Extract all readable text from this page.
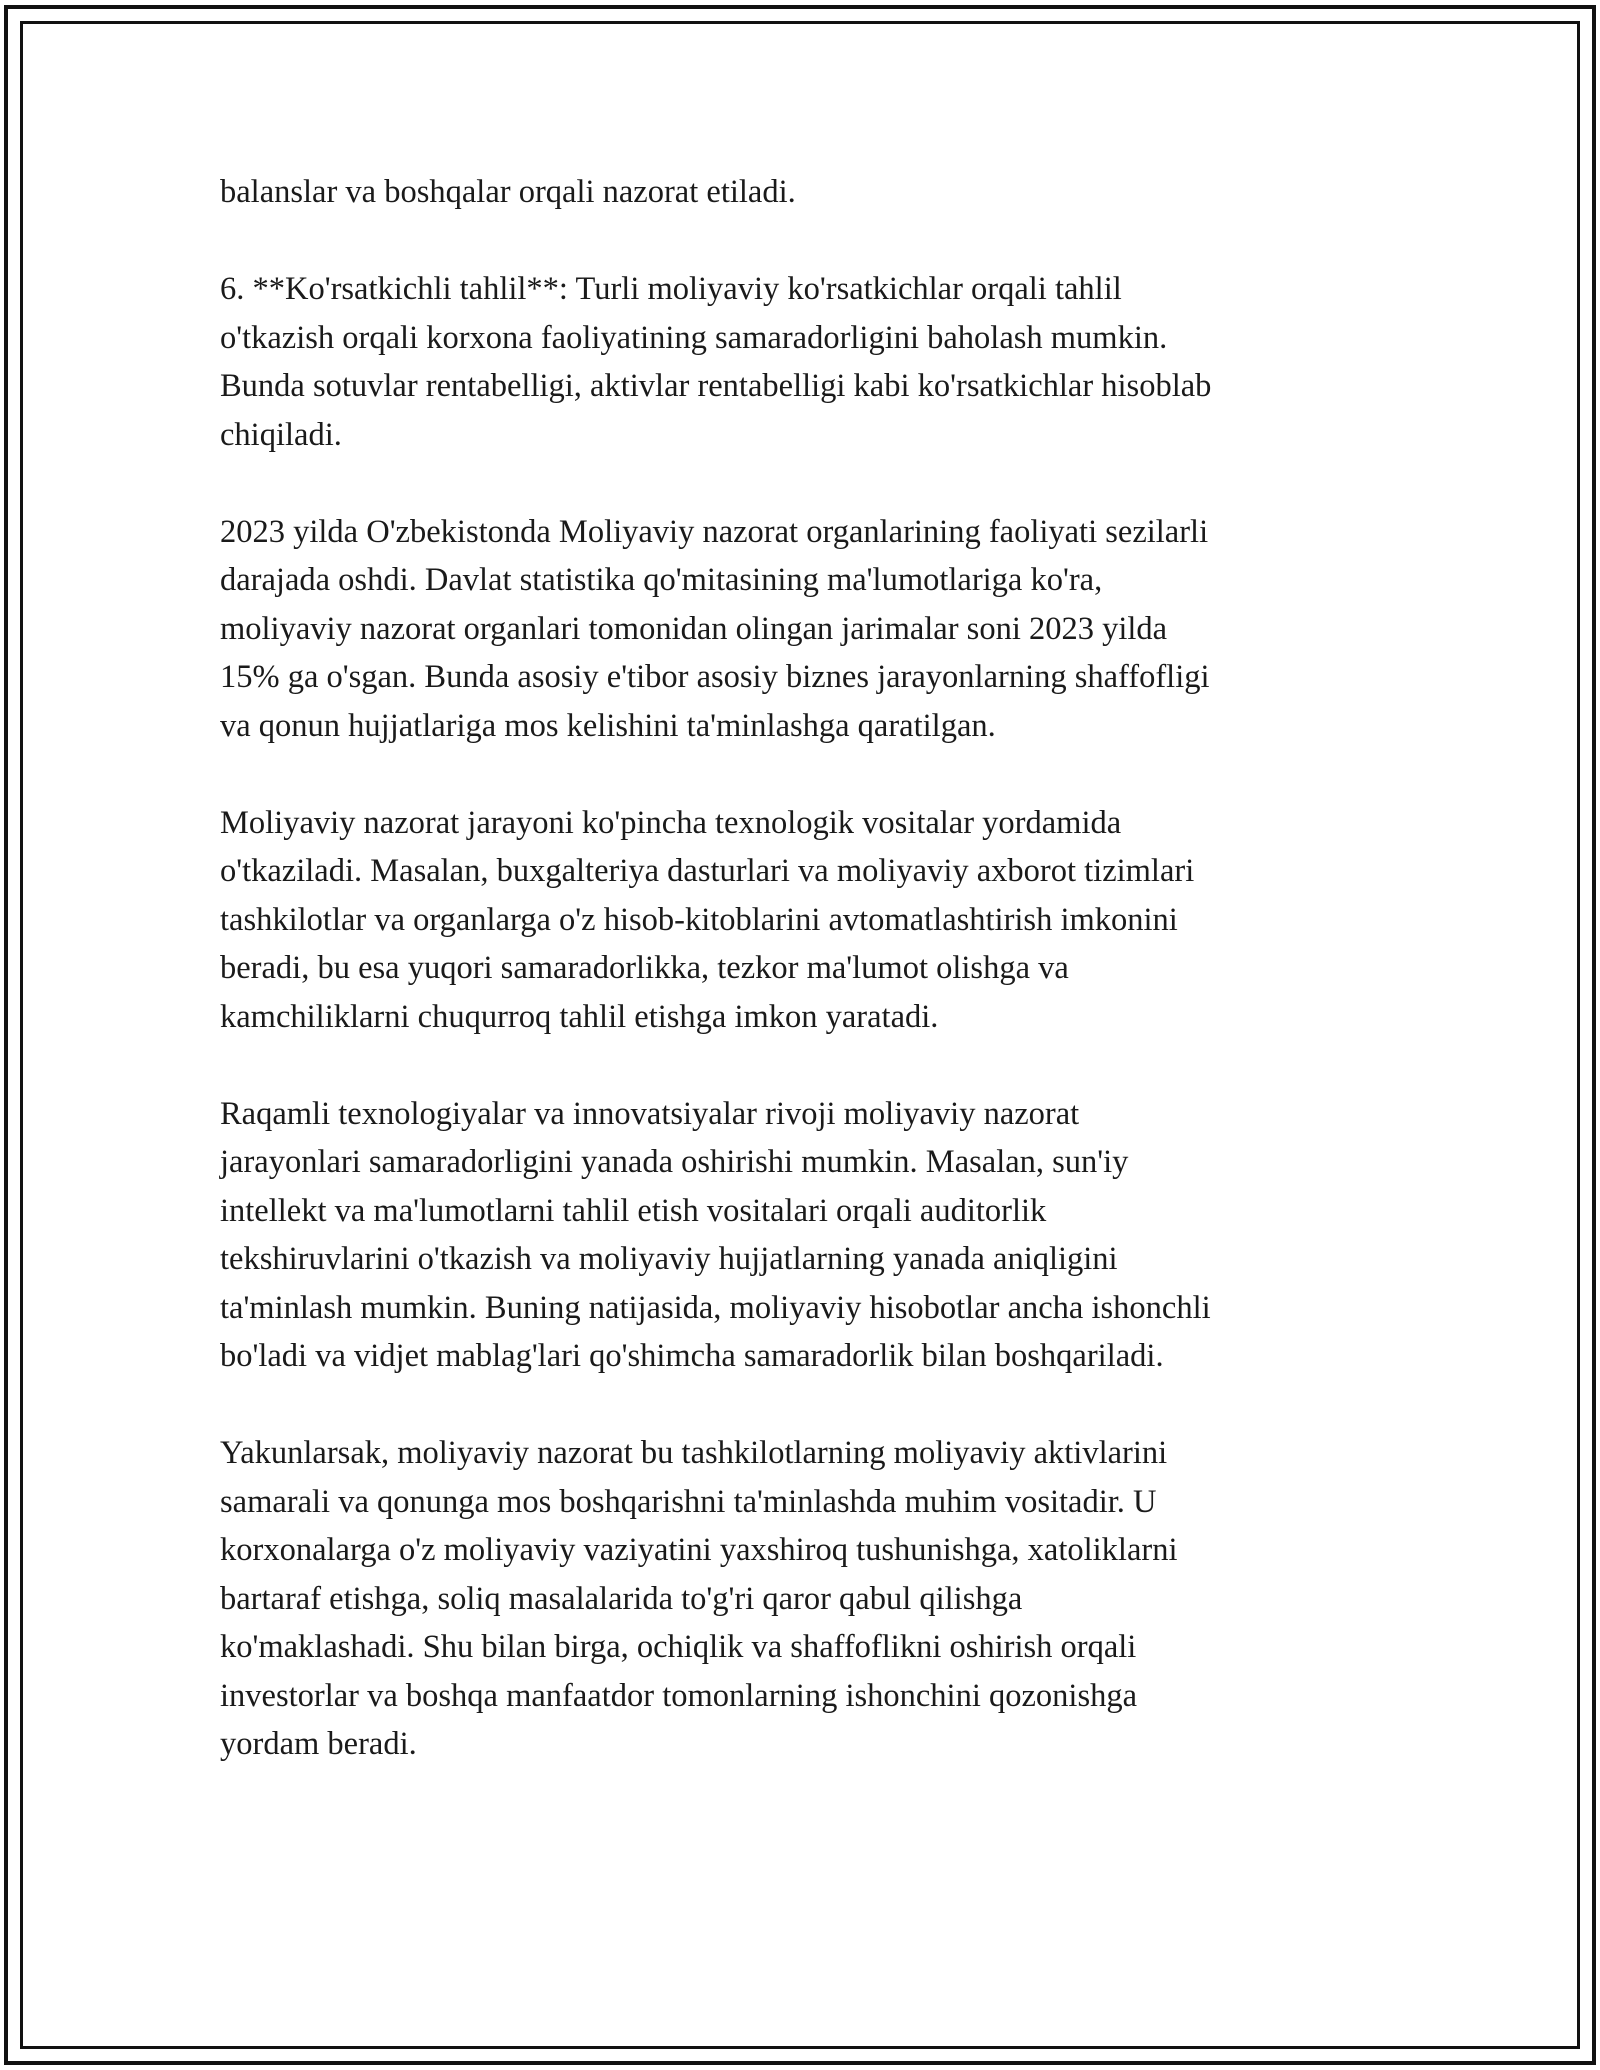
balanslar va boshqalar orqali nazorat etiladi.

6. **Ko'rsatkichli tahlil**: Turli moliyaviy ko'rsatkichlar orqali tahlil
o'tkazish orqali korxona faoliyatining samaradorligini baholash mumkin.
Bunda sotuvlar rentabelligi, aktivlar rentabelligi kabi ko'rsatkichlar hisoblab
chiqiladi.

2023 yilda O'zbekistonda Moliyaviy nazorat organlarining faoliyati sezilarli
darajada oshdi. Davlat statistika qo'mitasining ma'lumotlariga ko'ra,
moliyaviy nazorat organlari tomonidan olingan jarimalar soni 2023 yilda
15% ga o'sgan. Bunda asosiy e'tibor asosiy biznes jarayonlarning shaffofligi
va qonun hujjatlariga mos kelishini ta'minlashga qaratilgan.

Moliyaviy nazorat jarayoni ko'pincha texnologik vositalar yordamida
o'tkaziladi. Masalan, buxgalteriya dasturlari va moliyaviy axborot tizimlari
tashkilotlar va organlarga o'z hisob-kitoblarini avtomatlashtirish imkonini
beradi, bu esa yuqori samaradorlikka, tezkor ma'lumot olishga va
kamchiliklarni chuqurroq tahlil etishga imkon yaratadi.

Raqamli texnologiyalar va innovatsiyalar rivoji moliyaviy nazorat
jarayonlari samaradorligini yanada oshirishi mumkin. Masalan, sun'iy
intellekt va ma'lumotlarni tahlil etish vositalari orqali auditorlik
tekshiruvlarini o'tkazish va moliyaviy hujjatlarning yanada aniqligini
ta'minlash mumkin. Buning natijasida, moliyaviy hisobotlar ancha ishonchli
bo'ladi va vidjet mablag'lari qo'shimcha samaradorlik bilan boshqariladi.

Yakunlarsak, moliyaviy nazorat bu tashkilotlarning moliyaviy aktivlarini
samarali va qonunga mos boshqarishni ta'minlashda muhim vositadir. U
korxonalarga o'z moliyaviy vaziyatini yaxshiroq tushunishga, xatoliklarni
bartaraf etishga, soliq masalalarida to'g'ri qaror qabul qilishga
ko'maklashadi. Shu bilan birga, ochiqlik va shaffoflikni oshirish orqali
investorlar va boshqa manfaatdor tomonlarning ishonchini qozonishga
yordam beradi.
